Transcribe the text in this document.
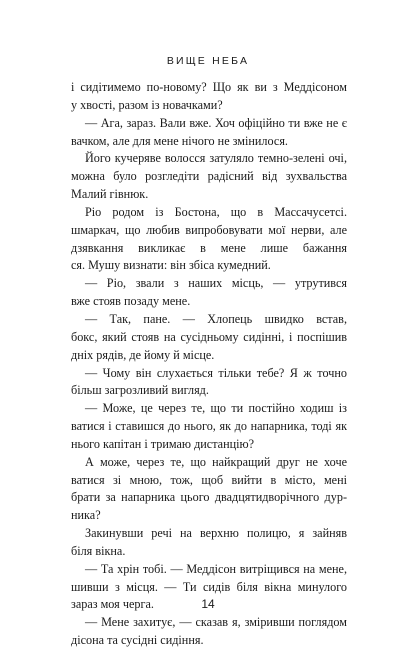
ВИЩЕ НЕБА
і сидітимемо по-новому? Що як ви з Меддісоном
у хвості, разом із новачками?
— Ага, зараз. Вали вже. Хоч офіційно ти вже не є
вачком, але для мене нічого не змінилося.
Його кучеряве волосся затуляло темно-зелені очі,
можна було розгледіти радісний від зухвальства
Малий гівнюк.
Ріо родом із Бостона, що в Массачусетсі.
шмаркач, що любив випробовувати мої нерви, але
дзявкання викликає в мене лише бажання
ся. Мушу визнати: він збіса кумедний.
— Ріо, звали з наших місць, — утрутився
вже стояв позаду мене.
— Так, пане. — Хлопець швидко встав,
бокс, який стояв на сусідньому сидінні, і поспішив
дніх рядів, де йому й місце.
— Чому він слухається тільки тебе? Я ж точно
більш загрозливий вигляд.
— Може, це через те, що ти постійно ходиш із
ватися і ставишся до нього, як до напарника, тоді як
нього капітан і тримаю дистанцію?
А може, через те, що найкращий друг не хоче
ватися зі мною, тож, щоб вийти в місто, мені
брати за напарника цього двадцятидворічного дур-
ника?
Закинувши речі на верхню полицю, я зайняв
біля вікна.
— Та хрін тобі. — Меддісон витріщився на мене,
шивши з місця. — Ти сидів біля вікна минулого
зараз моя черга.
— Мене захитує, — сказав я, зміривши поглядом
дісона та сусідні сидіння.
14
